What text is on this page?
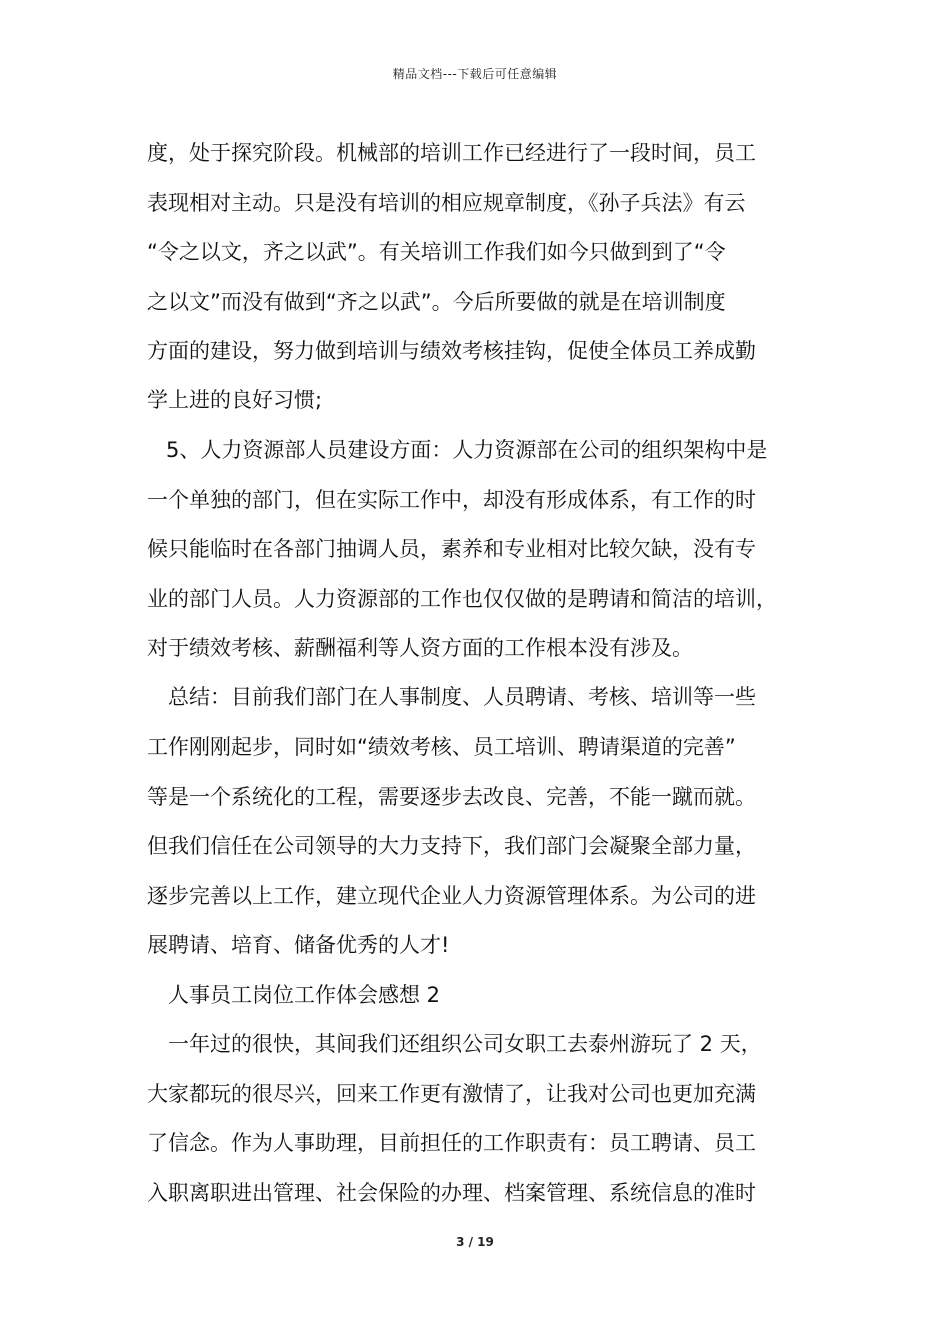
精品文档---下载后可任意编辑
度，处于探究阶段。机械部的培训工作已经进行了一段时间，员工
表现相对主动。只是没有培训的相应规章制度，《孙子兵法》有云
“令之以文，齐之以武”。有关培训工作我们如今只做到到了“令
之以文”而没有做到“齐之以武”。今后所要做的就是在培训制度
方面的建设，努力做到培训与绩效考核挂钩，促使全体员工养成勤
学上进的良好习惯;
5、人力资源部人员建设方面：人力资源部在公司的组织架构中是
一个单独的部门，但在实际工作中，却没有形成体系，有工作的时
候只能临时在各部门抽调人员，素养和专业相对比较欠缺，没有专
业的部门人员。人力资源部的工作也仅仅做的是聘请和简洁的培训，
对于绩效考核、薪酬福利等人资方面的工作根本没有涉及。
总结：目前我们部门在人事制度、人员聘请、考核、培训等一些
工作刚刚起步，同时如“绩效考核、员工培训、聘请渠道的完善”
等是一个系统化的工程，需要逐步去改良、完善，不能一蹴而就。
但我们信任在公司领导的大力支持下，我们部门会凝聚全部力量，
逐步完善以上工作，建立现代企业人力资源管理体系。为公司的进
展聘请、培育、储备优秀的人才!
人事员工岗位工作体会感想 2
一年过的很快，其间我们还组织公司女职工去泰州游玩了 2 天，
大家都玩的很尽兴，回来工作更有激情了，让我对公司也更加充满
了信念。作为人事助理，目前担任的工作职责有：员工聘请、员工
入职离职进出管理、社会保险的办理、档案管理、系统信息的准时
3 / 19
